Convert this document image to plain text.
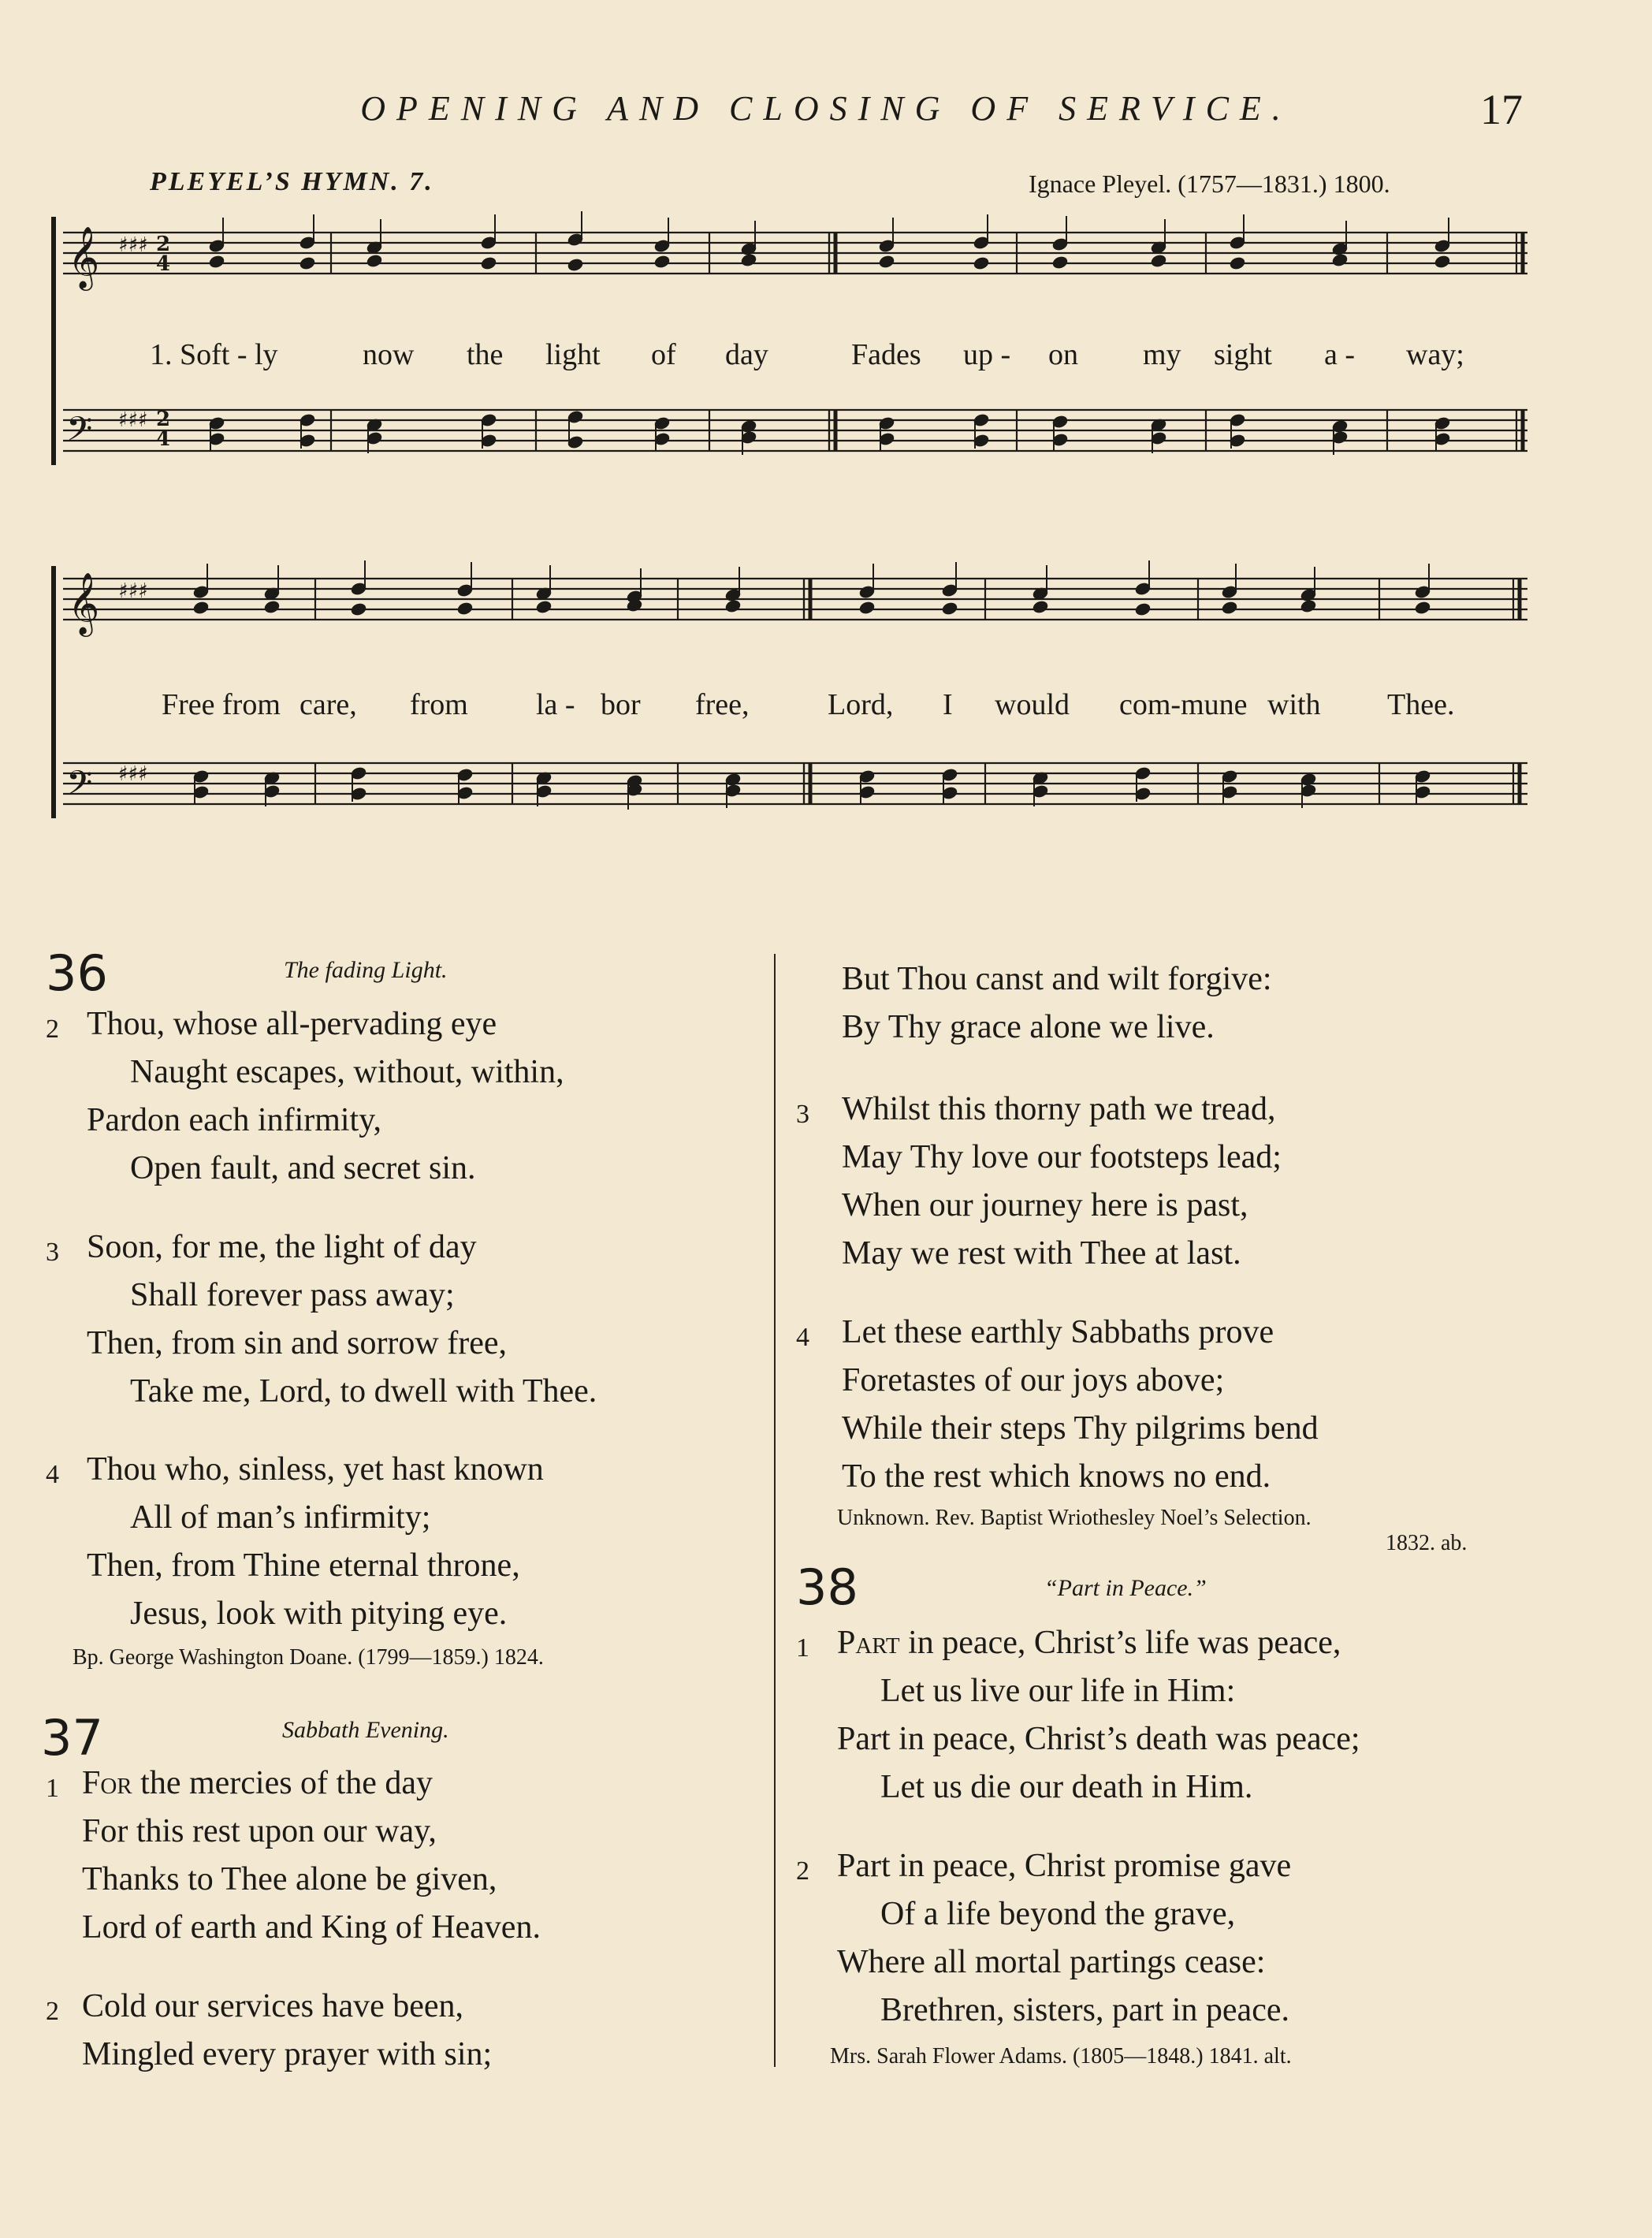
OPENING AND CLOSING OF SERVICE.	17
PLEYEL’S HYMN. 7.	Ignace Pleyel. (1757—1831.) 1800.
𝄞
𝄢
♯♯♯
♯♯♯
2
4
2
4
1. Soft - ly	now the light of day	Fades up - on my sight a - way;
𝄞
𝄢
♯♯♯
♯♯♯
Free from care, from la - bor free,	Lord, I would com-mune with Thee.
36	The fading Light.
2 Thou, whose all-pervading eye
Naught escapes, without, within,
Pardon each infirmity,
Open fault, and secret sin.
3 Soon, for me, the light of day
Shall forever pass away;
Then, from sin and sorrow free,
Take me, Lord, to dwell with Thee.
4 Thou who, sinless, yet hast known
All of man’s infirmity;
Then, from Thine eternal throne,
Jesus, look with pitying eye.
Bp. George Washington Doane. (1799—1859.) 1824.
37	Sabbath Evening.
1 For the mercies of the day
For this rest upon our way,
Thanks to Thee alone be given,
Lord of earth and King of Heaven.
2 Cold our services have been,
Mingled every prayer with sin;
But Thou canst and wilt forgive:
By Thy grace alone we live.
3 Whilst this thorny path we tread,
May Thy love our footsteps lead;
When our journey here is past,
May we rest with Thee at last.
4 Let these earthly Sabbaths prove
Foretastes of our joys above;
While their steps Thy pilgrims bend
To the rest which knows no end.
Unknown. Rev. Baptist Wriothesley Noel’s Selection.
1832. ab.
38	“Part in Peace.”
1 Part in peace, Christ’s life was peace,
Let us live our life in Him:
Part in peace, Christ’s death was peace;
Let us die our death in Him.
2 Part in peace, Christ promise gave
Of a life beyond the grave,
Where all mortal partings cease:
Brethren, sisters, part in peace.
Mrs. Sarah Flower Adams. (1805—1848.) 1841. alt.
